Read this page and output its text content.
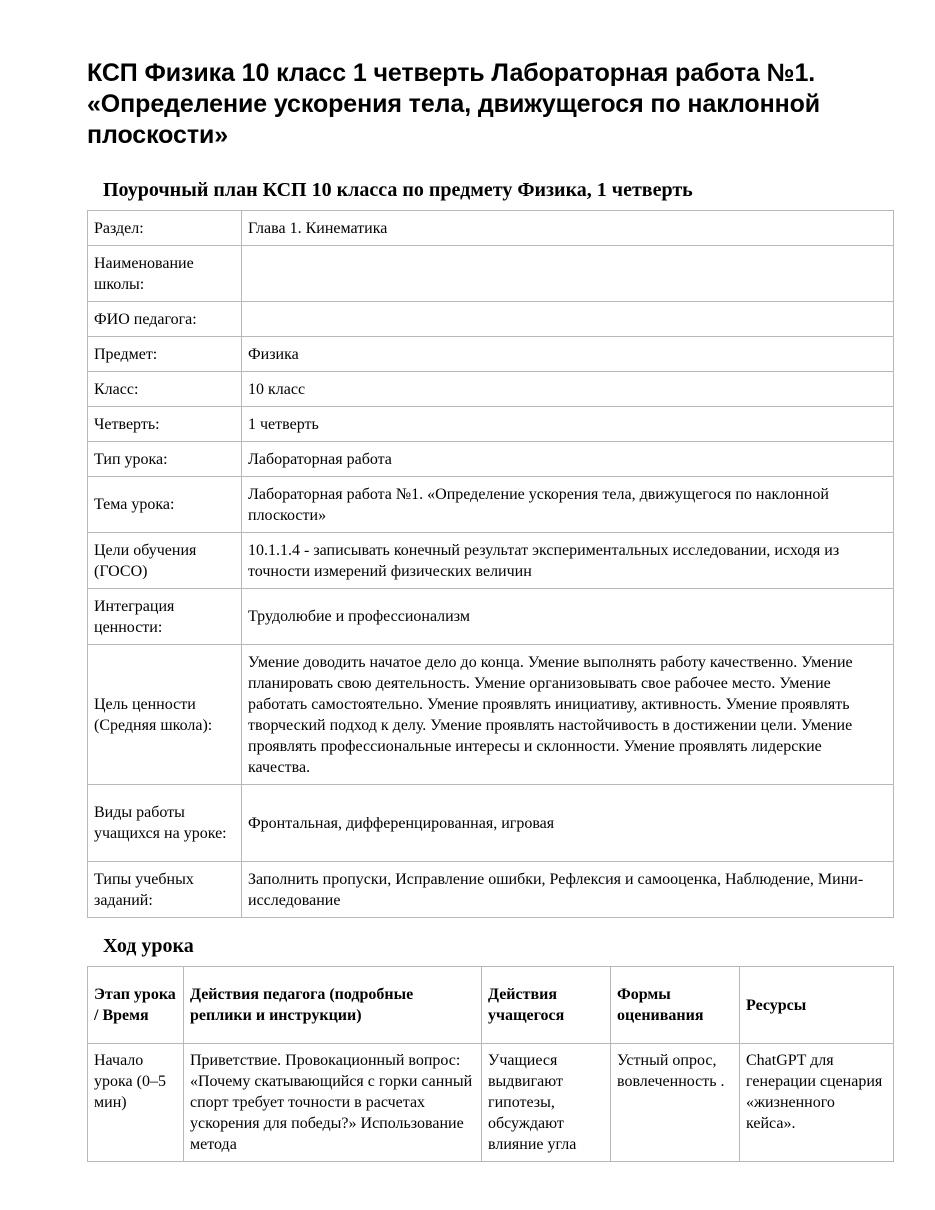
КСП Физика 10 класс 1 четверть Лабораторная работа №1. «Определение ускорения тела, движущегося по наклонной плоскости»
Поурочный план КСП 10 класса по предмету Физика, 1 четверть
Раздел:	Глава 1. Кинематика
Наименование школы:	
ФИО педагога:	
Предмет:	Физика
Класс:	10 класс
Четверть:	1 четверть
Тип урока:	Лабораторная работа
Тема урока:	Лабораторная работа №1. «Определение ускорения тела, движущегося по наклонной плоскости»
Цели обучения (ГОСО)	10.1.1.4 - записывать конечный результат экспериментальных исследовании, исходя из точности измерений физических величин
Интеграция ценности:	Трудолюбие и профессионализм
Цель ценности (Средняя школа):	Умение доводить начатое дело до конца. Умение выполнять работу качественно. Умение планировать свою деятельность. Умение организовывать свое рабочее место. Умение работать самостоятельно. Умение проявлять инициативу, активность. Умение проявлять творческий подход к делу. Умение проявлять настойчивость в достижении цели. Умение проявлять профессиональные интересы и склонности. Умение проявлять лидерские качества.
Виды работы учащихся на уроке:	Фронтальная, дифференцированная, игровая
Типы учебных заданий:	Заполнить пропуски, Исправление ошибки, Рефлексия и самооценка, Наблюдение, Мини-исследование
Ход урока
Этап урока / Время	Действия педагога (подробные реплики и инструкции)	Действия учащегося	Формы оценивания	Ресурсы
Начало урока (0–5 мин)	Приветствие. Провокационный вопрос: «Почему скатывающийся с горки санный спорт требует точности в расчетах ускорения для победы?» Использование метода	Учащиеся выдвигают гипотезы, обсуждают влияние угла	Устный опрос, вовлеченность .	ChatGPT для генерации сценария «жизненного кейса».
